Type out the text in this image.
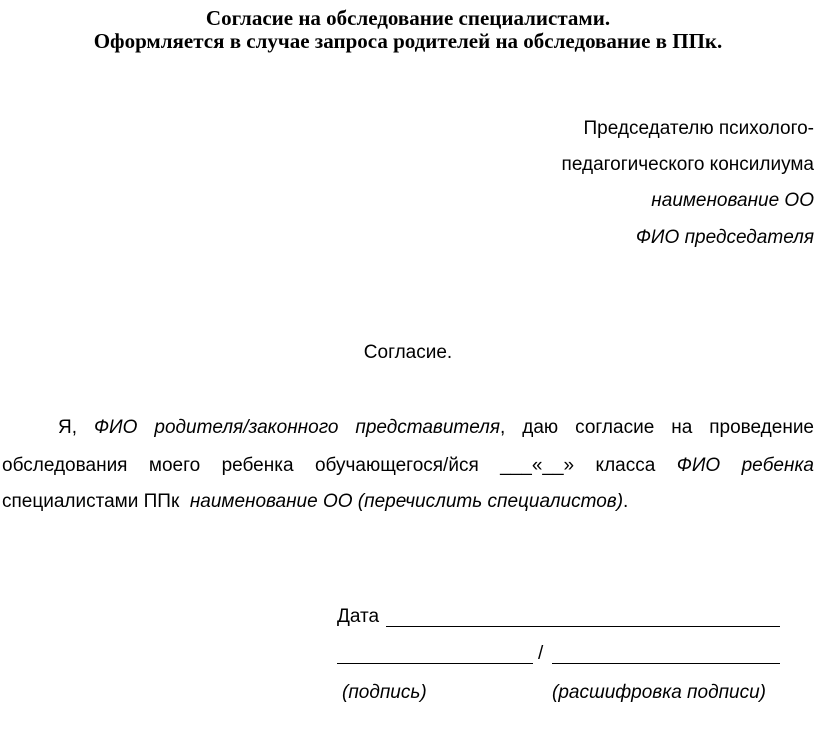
Согласие на обследование специалистами.
Оформляется в случае запроса родителей на обследование в ППк.
Председателю психолого-
педагогического консилиума
наименование ОО
ФИО председателя
Согласие.
Я, ФИО родителя/законного представителя, даю согласие на проведение
обследования моего ребенка обучающегося/йся ___«__» класса ФИО ребенка
специалистами ППк наименование ОО (перечислить специалистов).
Дата
/
(подпись)	(расшифровка подписи)
